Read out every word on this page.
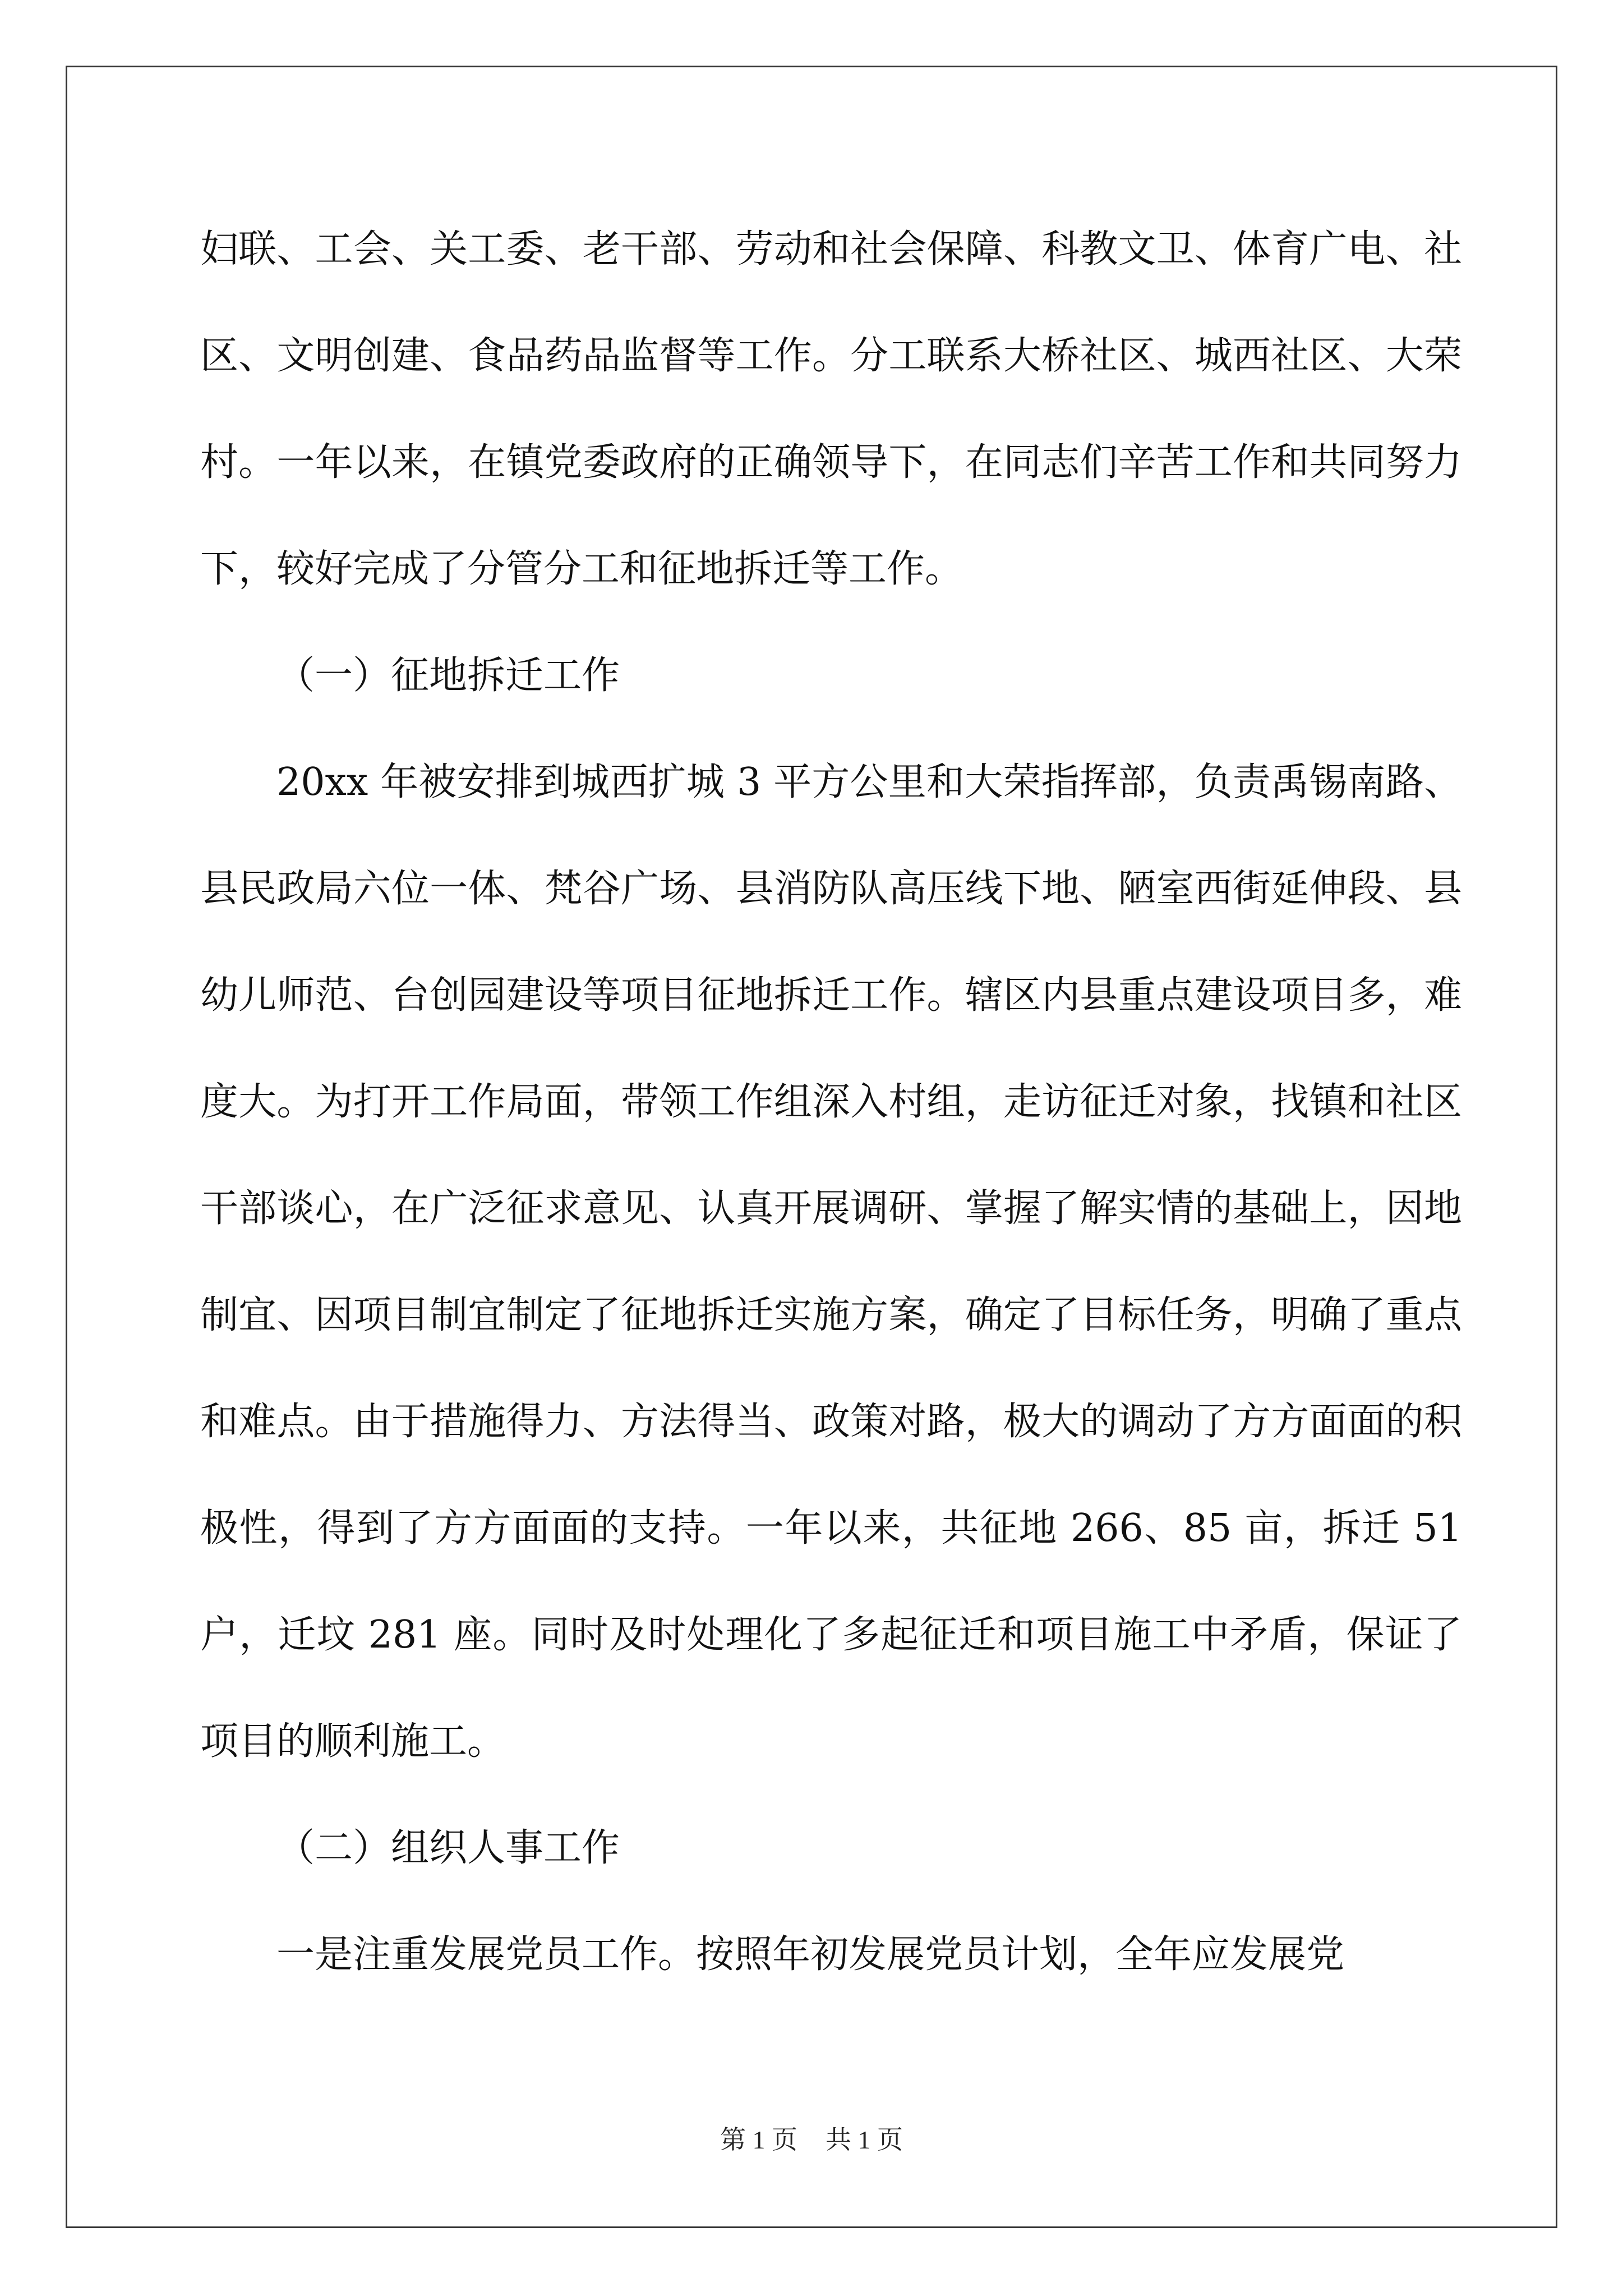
妇联、工会、关工委、老干部、劳动和社会保障、科教文卫、体育广电、社区、文明创建、食品药品监督等工作。分工联系大桥社区、城西社区、大荣村。一年以来，在镇党委政府的正确领导下，在同志们辛苦工作和共同努力下，较好完成了分管分工和征地拆迁等工作。

（一）征地拆迁工作

20xx 年被安排到城西扩城 3 平方公里和大荣指挥部，负责禹锡南路、县民政局六位一体、梵谷广场、县消防队高压线下地、陋室西街延伸段、县幼儿师范、台创园建设等项目征地拆迁工作。辖区内县重点建设项目多，难度大。为打开工作局面，带领工作组深入村组，走访征迁对象，找镇和社区干部谈心，在广泛征求意见、认真开展调研、掌握了解实情的基础上，因地制宜、因项目制宜制定了征地拆迁实施方案，确定了目标任务，明确了重点和难点。由于措施得力、方法得当、政策对路，极大的调动了方方面面的积极性，得到了方方面面的支持。一年以来，共征地 266、85 亩，拆迁 51 户，迁坟 281 座。同时及时处理化了多起征迁和项目施工中矛盾，保证了项目的顺利施工。

（二）组织人事工作

一是注重发展党员工作。按照年初发展党员计划，全年应发展党

第 1 页 共 1 页
